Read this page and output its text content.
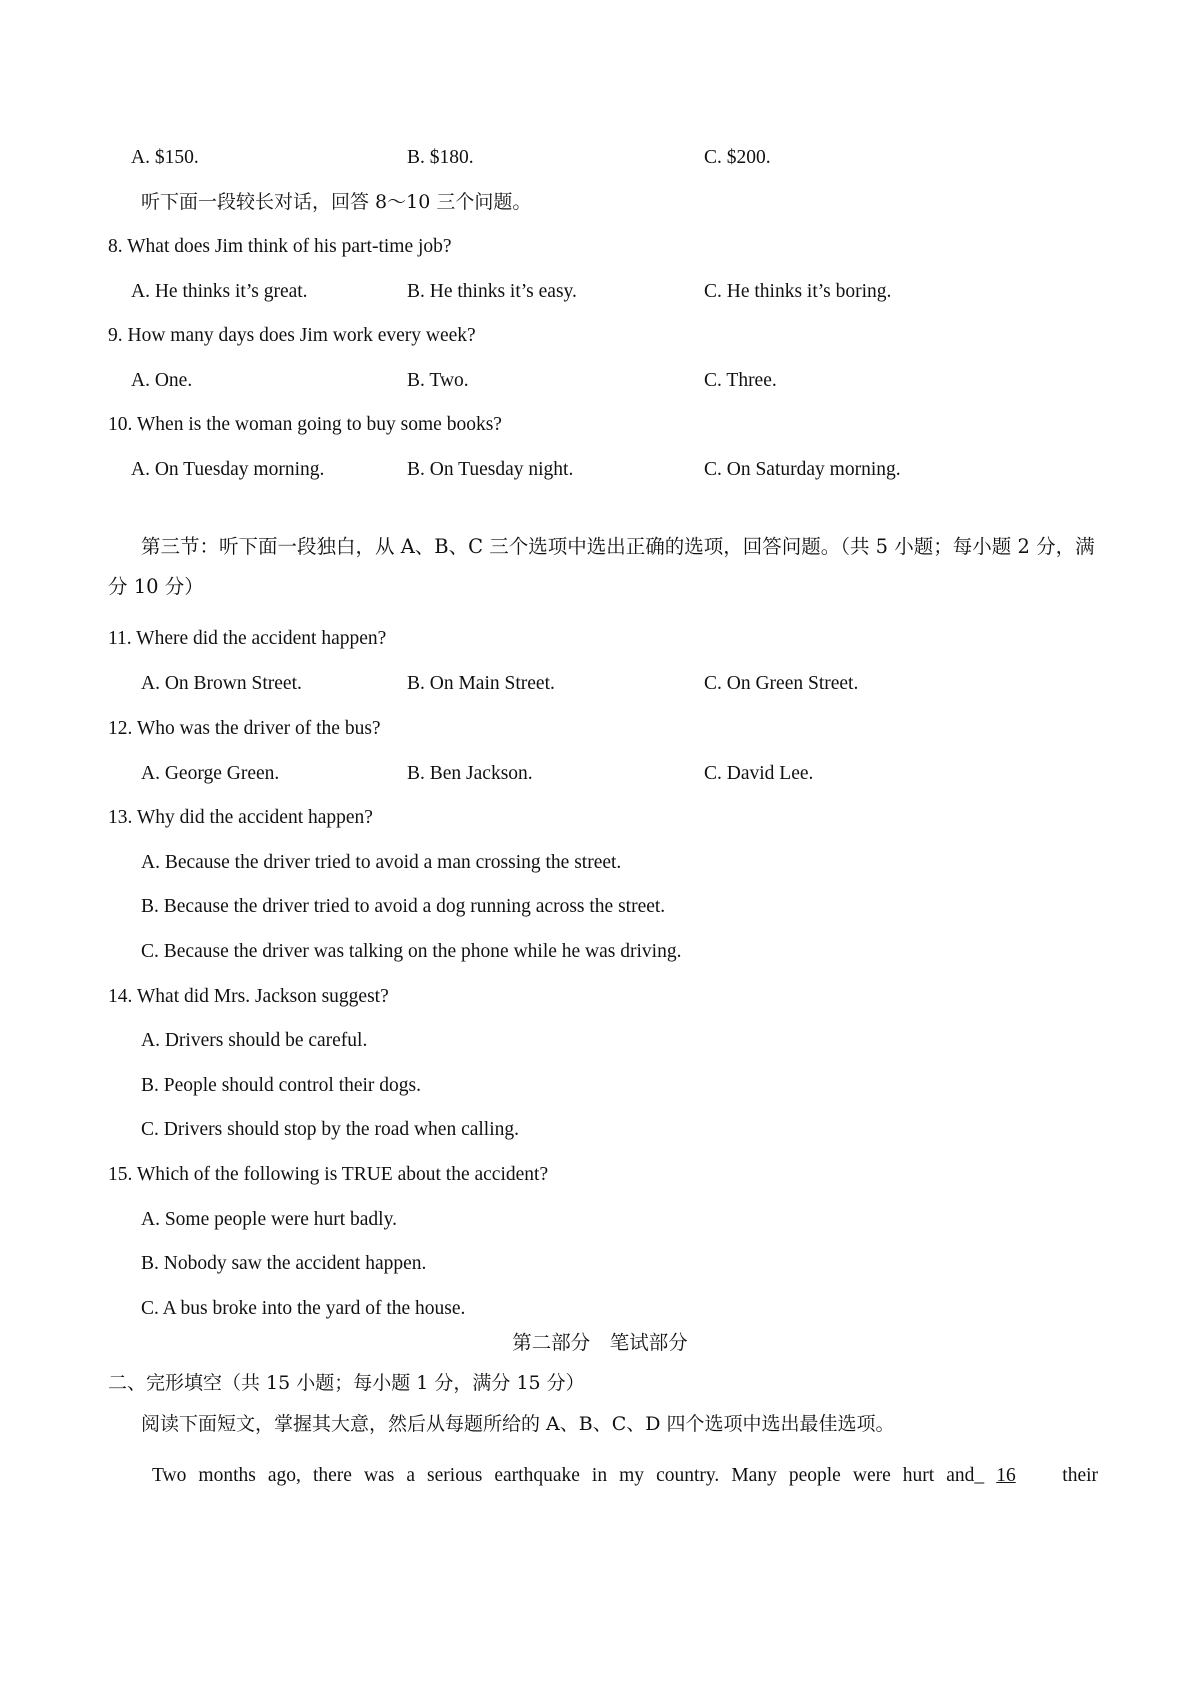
A. $150.	B. $180.	C. $200.
听下面一段较长对话，回答 8～10 三个问题。
8. What does Jim think of his part-time job?
A. He thinks it’s great.	B. He thinks it’s easy.	C. He thinks it’s boring.
9. How many days does Jim work every week?
A. One.	B. Two.	C. Three.
10. When is the woman going to buy some books?
A. On Tuesday morning.	B. On Tuesday night.	C. On Saturday morning.
第三节：听下面一段独白，从 A、B、C 三个选项中选出正确的选项，回答问题。（共 5 小题；每小题 2 分，满分 10 分）
11. Where did the accident happen?
A. On Brown Street.	B. On Main Street.	C. On Green Street.
12. Who was the driver of the bus?
A. George Green.	B. Ben Jackson.	C. David Lee.
13. Why did the accident happen?
A. Because the driver tried to avoid a man crossing the street.
B. Because the driver tried to avoid a dog running across the street.
C. Because the driver was talking on the phone while he was driving.
14. What did Mrs. Jackson suggest?
A. Drivers should be careful.
B. People should control their dogs.
C. Drivers should stop by the road when calling.
15. Which of the following is TRUE about the accident?
A. Some people were hurt badly.
B. Nobody saw the accident happen.
C. A bus broke into the yard of the house.
第二部分　笔试部分
二、完形填空（共 15 小题；每小题 1 分，满分 15 分）
阅读下面短文，掌握其大意，然后从每题所给的 A、B、C、D 四个选项中选出最佳选项。
Two months ago, there was a serious earthquake in my country. Many people were hurt and_ 16 their
